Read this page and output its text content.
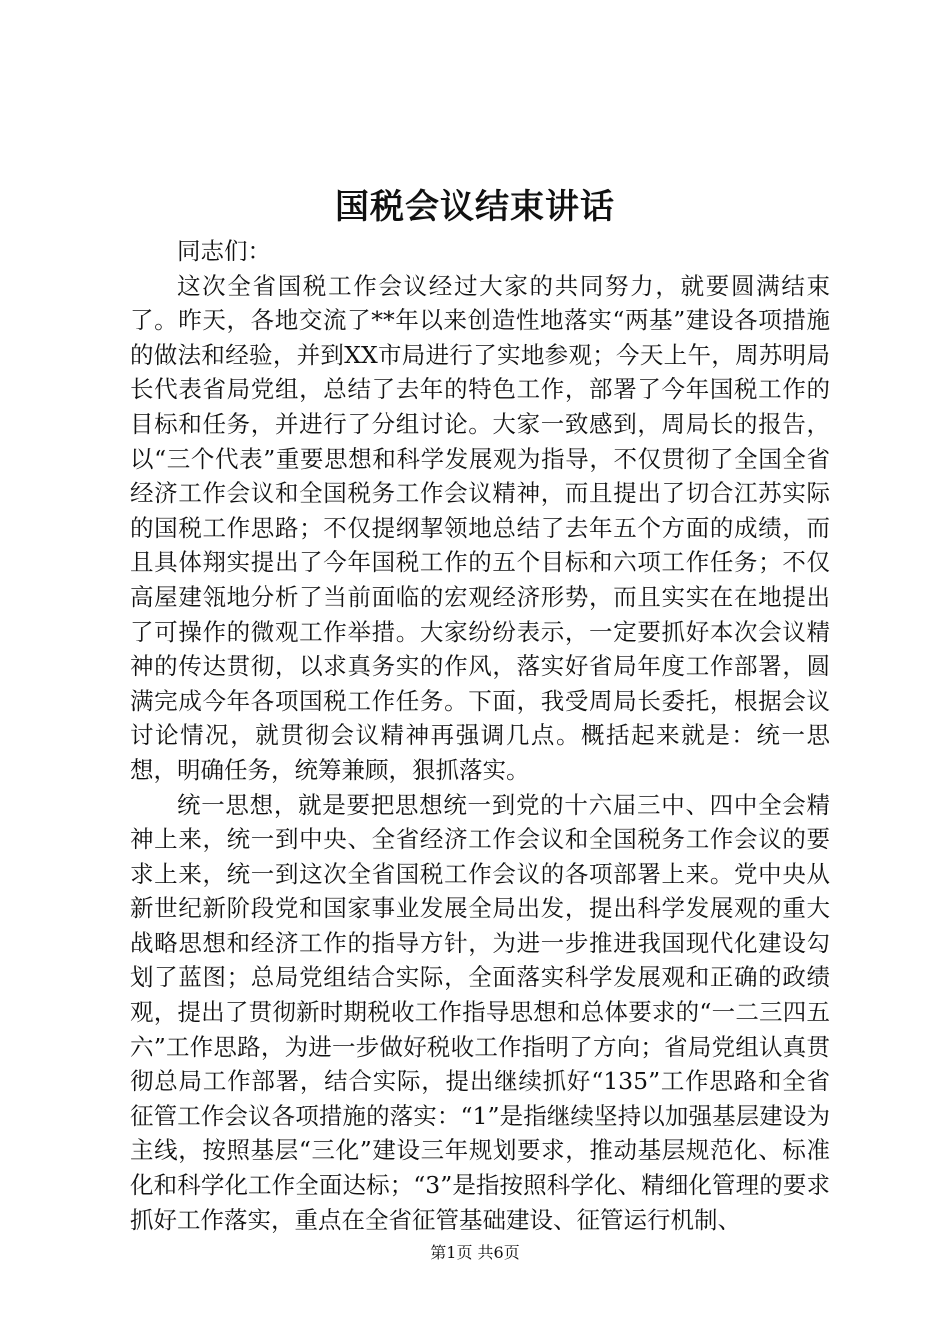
国税会议结束讲话

同志们：

这次全省国税工作会议经过大家的共同努力，就要圆满结束了。昨天，各地交流了**年以来创造性地落实“两基”建设各项措施的做法和经验，并到XX市局进行了实地参观；今天上午，周苏明局长代表省局党组，总结了去年的特色工作，部署了今年国税工作的目标和任务，并进行了分组讨论。大家一致感到，周局长的报告，以“三个代表”重要思想和科学发展观为指导，不仅贯彻了全国全省经济工作会议和全国税务工作会议精神，而且提出了切合江苏实际的国税工作思路；不仅提纲挈领地总结了去年五个方面的成绩，而且具体翔实提出了今年国税工作的五个目标和六项工作任务；不仅高屋建瓴地分析了当前面临的宏观经济形势，而且实实在在地提出了可操作的微观工作举措。大家纷纷表示，一定要抓好本次会议精神的传达贯彻，以求真务实的作风，落实好省局年度工作部署，圆满完成今年各项国税工作任务。下面，我受周局长委托，根据会议讨论情况，就贯彻会议精神再强调几点。概括起来就是：统一思想，明确任务，统筹兼顾，狠抓落实。

统一思想，就是要把思想统一到党的十六届三中、四中全会精神上来，统一到中央、全省经济工作会议和全国税务工作会议的要求上来，统一到这次全省国税工作会议的各项部署上来。党中央从新世纪新阶段党和国家事业发展全局出发，提出科学发展观的重大战略思想和经济工作的指导方针，为进一步推进我国现代化建设勾划了蓝图；总局党组结合实际，全面落实科学发展观和正确的政绩观，提出了贯彻新时期税收工作指导思想和总体要求的“一二三四五六”工作思路，为进一步做好税收工作指明了方向；省局党组认真贯彻总局工作部署，结合实际，提出继续抓好“135”工作思路和全省征管工作会议各项措施的落实：“1”是指继续坚持以加强基层建设为主线，按照基层“三化”建设三年规划要求，推动基层规范化、标准化和科学化工作全面达标；“3”是指按照科学化、精细化管理的要求抓好工作落实，重点在全省征管基础建设、征管运行机制、

第1页 共6页
